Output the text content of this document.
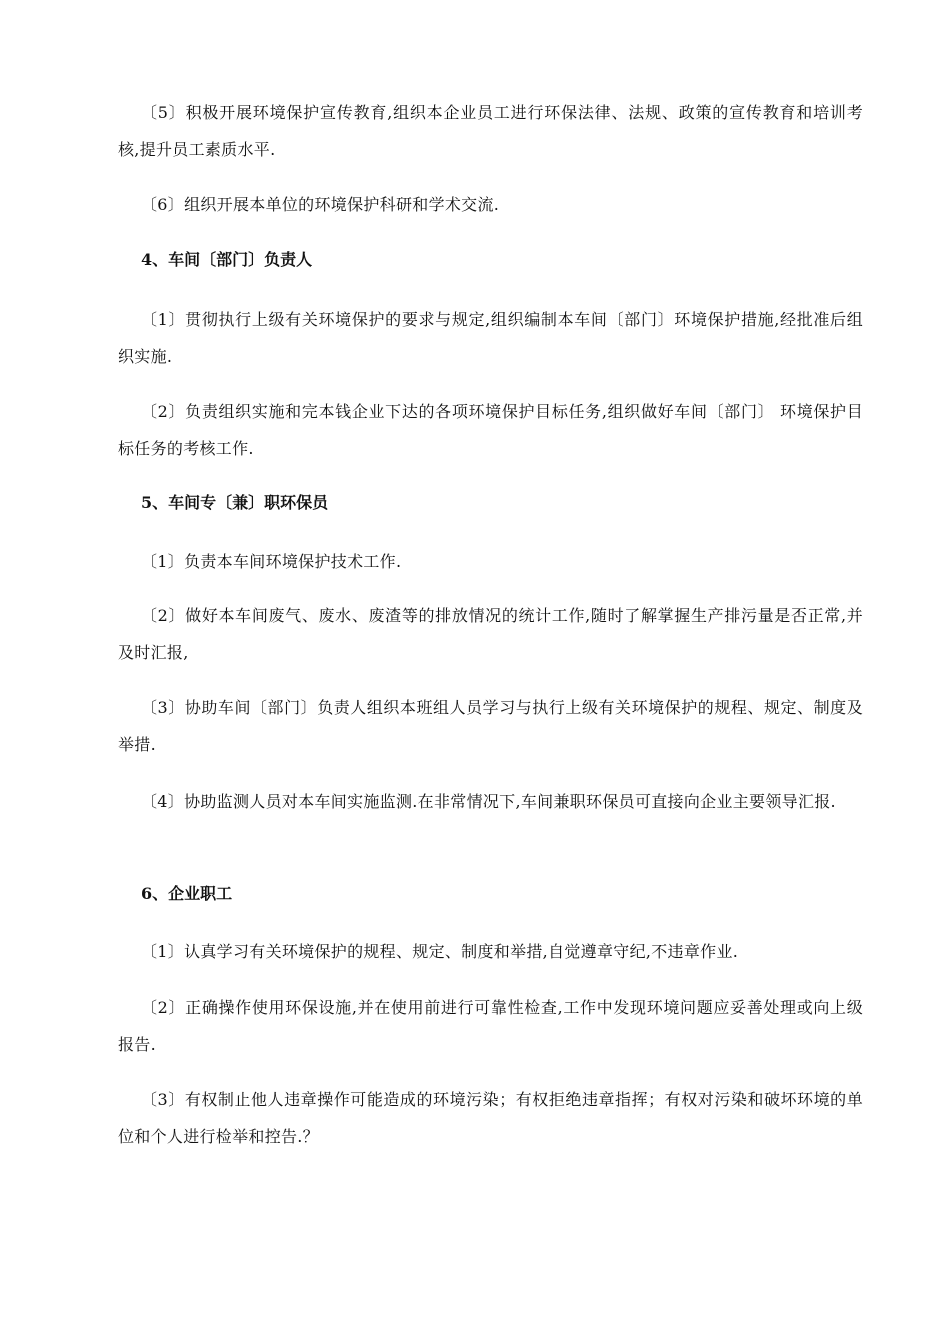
〔5〕积极开展环境保护宣传教育,组织本企业员工进行环保法律、法规、政策的宣传教育和培训考核,提升员工素质水平.

〔6〕组织开展本单位的环境保护科研和学术交流.

4、车间〔部门〕负责人

〔1〕贯彻执行上级有关环境保护的要求与规定,组织编制本车间〔部门〕环境保护措施,经批准后组织实施.

〔2〕负责组织实施和完本钱企业下达的各项环境保护目标任务,组织做好车间〔部门〕 环境保护目标任务的考核工作.

5、车间专〔兼〕职环保员

〔1〕负责本车间环境保护技术工作.

〔2〕做好本车间废气、废水、废渣等的排放情况的统计工作,随时了解掌握生产排污量是否正常,并及时汇报,

〔3〕协助车间〔部门〕负责人组织本班组人员学习与执行上级有关环境保护的规程、规定、制度及举措.

〔4〕协助监测人员对本车间实施监测.在非常情况下,车间兼职环保员可直接向企业主要领导汇报.

6、企业职工

〔1〕认真学习有关环境保护的规程、规定、制度和举措,自觉遵章守纪,不违章作业.

〔2〕正确操作使用环保设施,并在使用前进行可靠性检查,工作中发现环境问题应妥善处理或向上级报告.

〔3〕有权制止他人违章操作可能造成的环境污染；有权拒绝违章指挥；有权对污染和破坏环境的单位和个人进行检举和控告.？
